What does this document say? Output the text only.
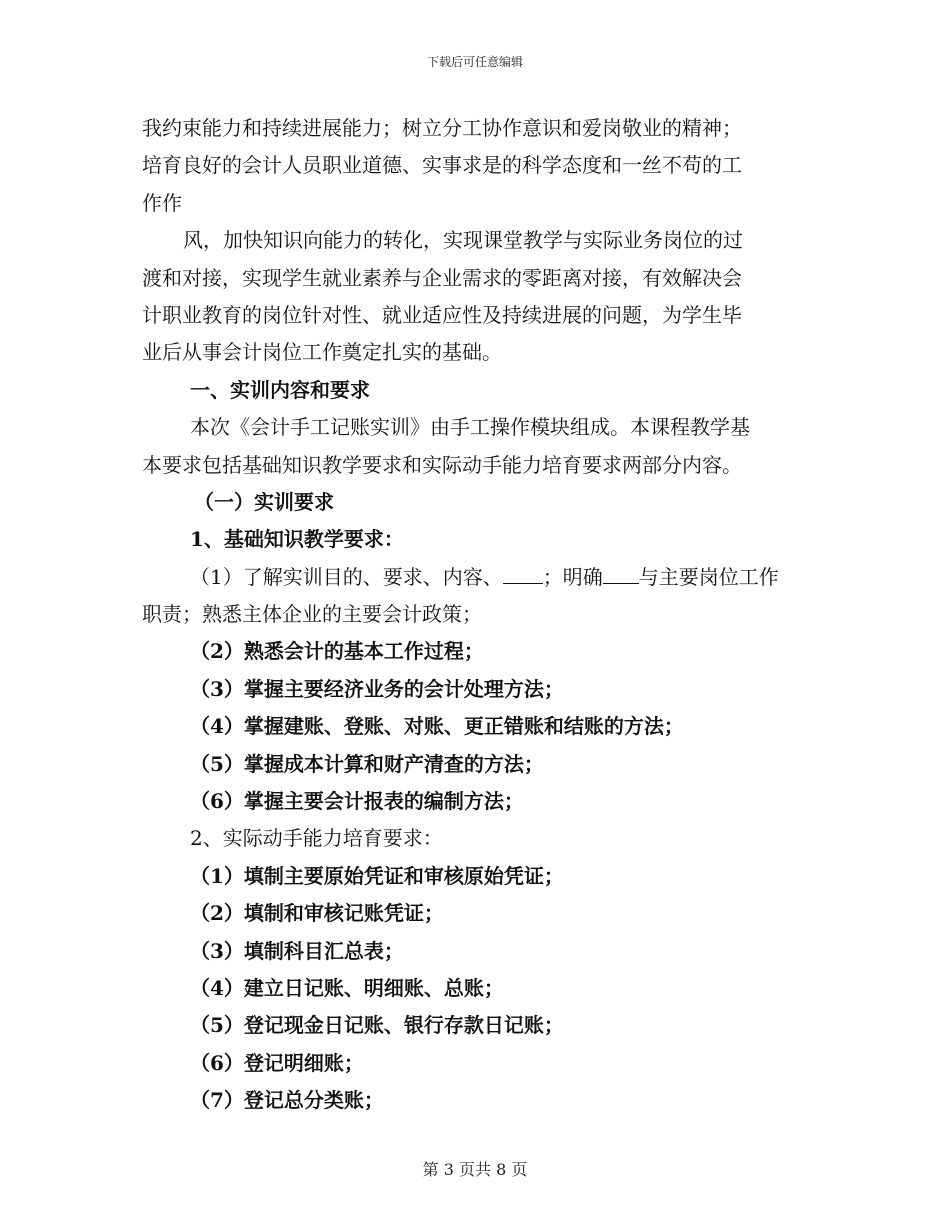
下载后可任意编辑
我约束能力和持续进展能力；树立分工协作意识和爱岗敬业的精神；
培育良好的会计人员职业道德、实事求是的科学态度和一丝不苟的工
作作
风，加快知识向能力的转化，实现课堂教学与实际业务岗位的过
渡和对接，实现学生就业素养与企业需求的零距离对接，有效解决会
计职业教育的岗位针对性、就业适应性及持续进展的问题，为学生毕
业后从事会计岗位工作奠定扎实的基础。
一、实训内容和要求
本次《会计手工记账实训》由手工操作模块组成。本课程教学基
本要求包括基础知识教学要求和实际动手能力培育要求两部分内容。
（一）实训要求
1、基础知识教学要求：
（1）了解实训目的、要求、内容、 ；明确 与主要岗位工作
职责；熟悉主体企业的主要会计政策；
（2）熟悉会计的基本工作过程；
（3）掌握主要经济业务的会计处理方法；
（4）掌握建账、登账、对账、更正错账和结账的方法；
（5）掌握成本计算和财产清查的方法；
（6）掌握主要会计报表的编制方法；
2、实际动手能力培育要求：
（1）填制主要原始凭证和审核原始凭证；
（2）填制和审核记账凭证；
（3）填制科目汇总表；
（4）建立日记账、明细账、总账；
（5）登记现金日记账、银行存款日记账；
（6）登记明细账；
（7）登记总分类账；
第 3 页共 8 页
